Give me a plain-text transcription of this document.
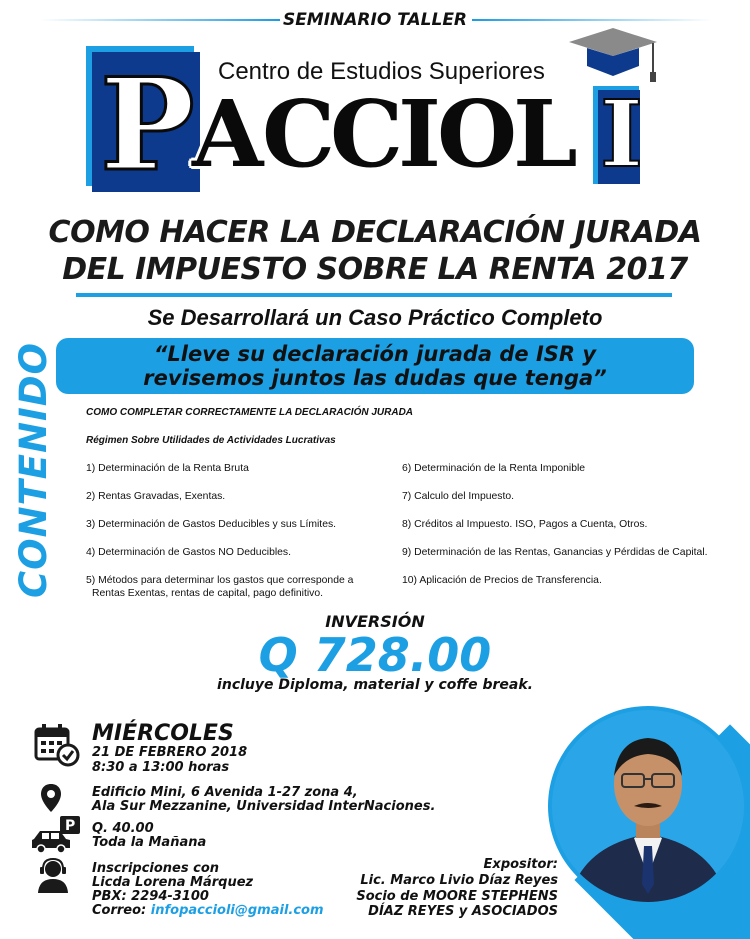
SEMINARIO TALLER
Centro de Estudios Superiores
P
A
C
C
I
O
L I
COMO HACER LA DECLARACIÓN JURADA
DEL IMPUESTO SOBRE LA RENTA 2017
Se Desarrollará un Caso Práctico Completo
“Lleve su declaración jurada de ISR y
revisemos juntos las dudas que tenga”
CONTENIDO	COMO COMPLETAR CORRECTAMENTE LA DECLARACIÓN JURADA
Régimen Sobre Utilidades de Actividades Lucrativas
1) Determinación de la Renta Bruta
2) Rentas Gravadas, Exentas.
3) Determinación de Gastos Deducibles y sus Límites.
4) Determinación de Gastos NO Deducibles.
5) Métodos para determinar los gastos que corresponde a
Rentas Exentas, rentas de capital, pago definitivo.
6) Determinación de la Renta Imponible
7) Calculo del Impuesto.
8) Créditos al Impuesto. ISO, Pagos a Cuenta, Otros.
9) Determinación de las Rentas, Ganancias y Pérdidas de Capital.
10) Aplicación de Precios de Transferencia.
INVERSIÓN
Q 728.00
incluye Diploma, material y coffe break.
P
MIÉRCOLES
21 DE FEBRERO 2018
8:30 a 13:00 horas
Edificio Mini, 6 Avenida 1-27 zona 4,
Ala Sur Mezzanine, Universidad InterNaciones.
Q. 40.00
Toda la Mañana
Inscripciones con
Licda Lorena Márquez
PBX: 2294-3100
Correo: infopaccioli@gmail.com
Expositor:
Lic. Marco Livio Díaz Reyes
Socio de MOORE STEPHENS
DÍAZ REYES y ASOCIADOS
